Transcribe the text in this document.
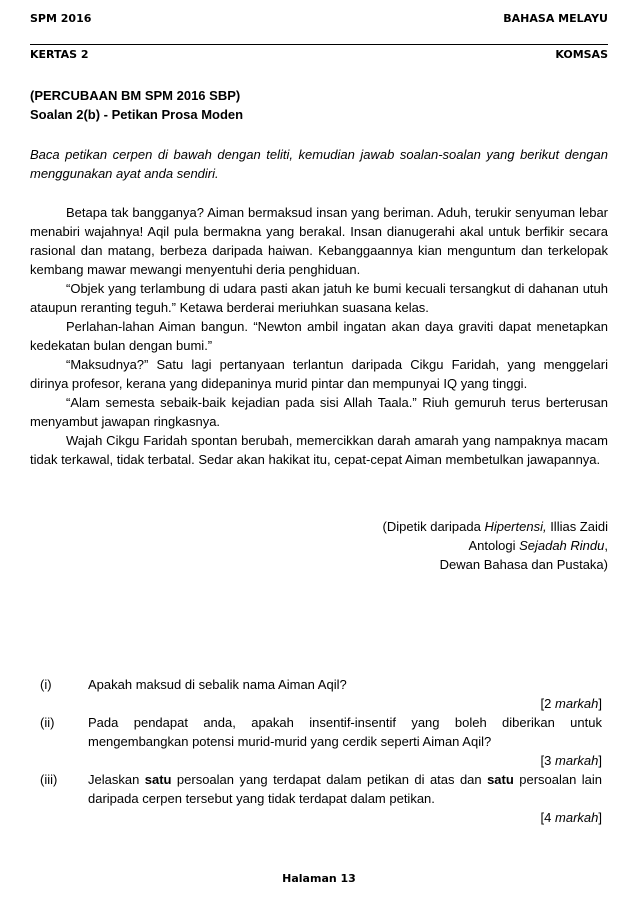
SPM 2016	BAHASA MELAYU
KERTAS 2	KOMSAS

(PERCUBAAN BM SPM 2016 SBP)

Soalan 2(b) - Petikan Prosa Moden

Baca petikan cerpen di bawah dengan teliti, kemudian jawab soalan-soalan yang berikut dengan menggunakan ayat anda sendiri.

Betapa tak bangganya? Aiman bermaksud insan yang beriman. Aduh, terukir senyuman lebar menabiri wajahnya! Aqil pula bermakna yang berakal. Insan dianugerahi akal untuk berfikir secara rasional dan matang, berbeza daripada haiwan. Kebanggaannya kian menguntum dan terkelopak kembang mawar mewangi menyentuhi deria penghiduan.

“Objek yang terlambung di udara pasti akan jatuh ke bumi kecuali tersangkut di dahanan utuh ataupun reranting teguh.” Ketawa berderai meriuhkan suasana kelas.

Perlahan-lahan Aiman bangun. “Newton ambil ingatan akan daya graviti dapat menetapkan kedekatan bulan dengan bumi.”

“Maksudnya?” Satu lagi pertanyaan terlantun daripada Cikgu Faridah, yang menggelari dirinya profesor, kerana yang didepaninya murid pintar dan mempunyai IQ yang tinggi.

“Alam semesta sebaik-baik kejadian pada sisi Allah Taala.” Riuh gemuruh terus berterusan menyambut jawapan ringkasnya.

Wajah Cikgu Faridah spontan berubah, memercikkan darah amarah yang nampaknya macam tidak terkawal, tidak terbatal. Sedar akan hakikat itu, cepat-cepat Aiman membetulkan jawapannya.

(Dipetik daripada Hipertensi, Illias Zaidi

Antologi Sejadah Rindu,

Dewan Bahasa dan Pustaka)

(i)	Apakah maksud di sebalik nama Aiman Aqil?
[2 markah]
(ii)	Pada pendapat anda, apakah insentif-insentif yang boleh diberikan untuk mengembangkan potensi murid-murid yang cerdik seperti Aiman Aqil?
[3 markah]
(iii)	Jelaskan satu persoalan yang terdapat dalam petikan di atas dan satu persoalan lain daripada cerpen tersebut yang tidak terdapat dalam petikan.
[4 markah]
Halaman 13
